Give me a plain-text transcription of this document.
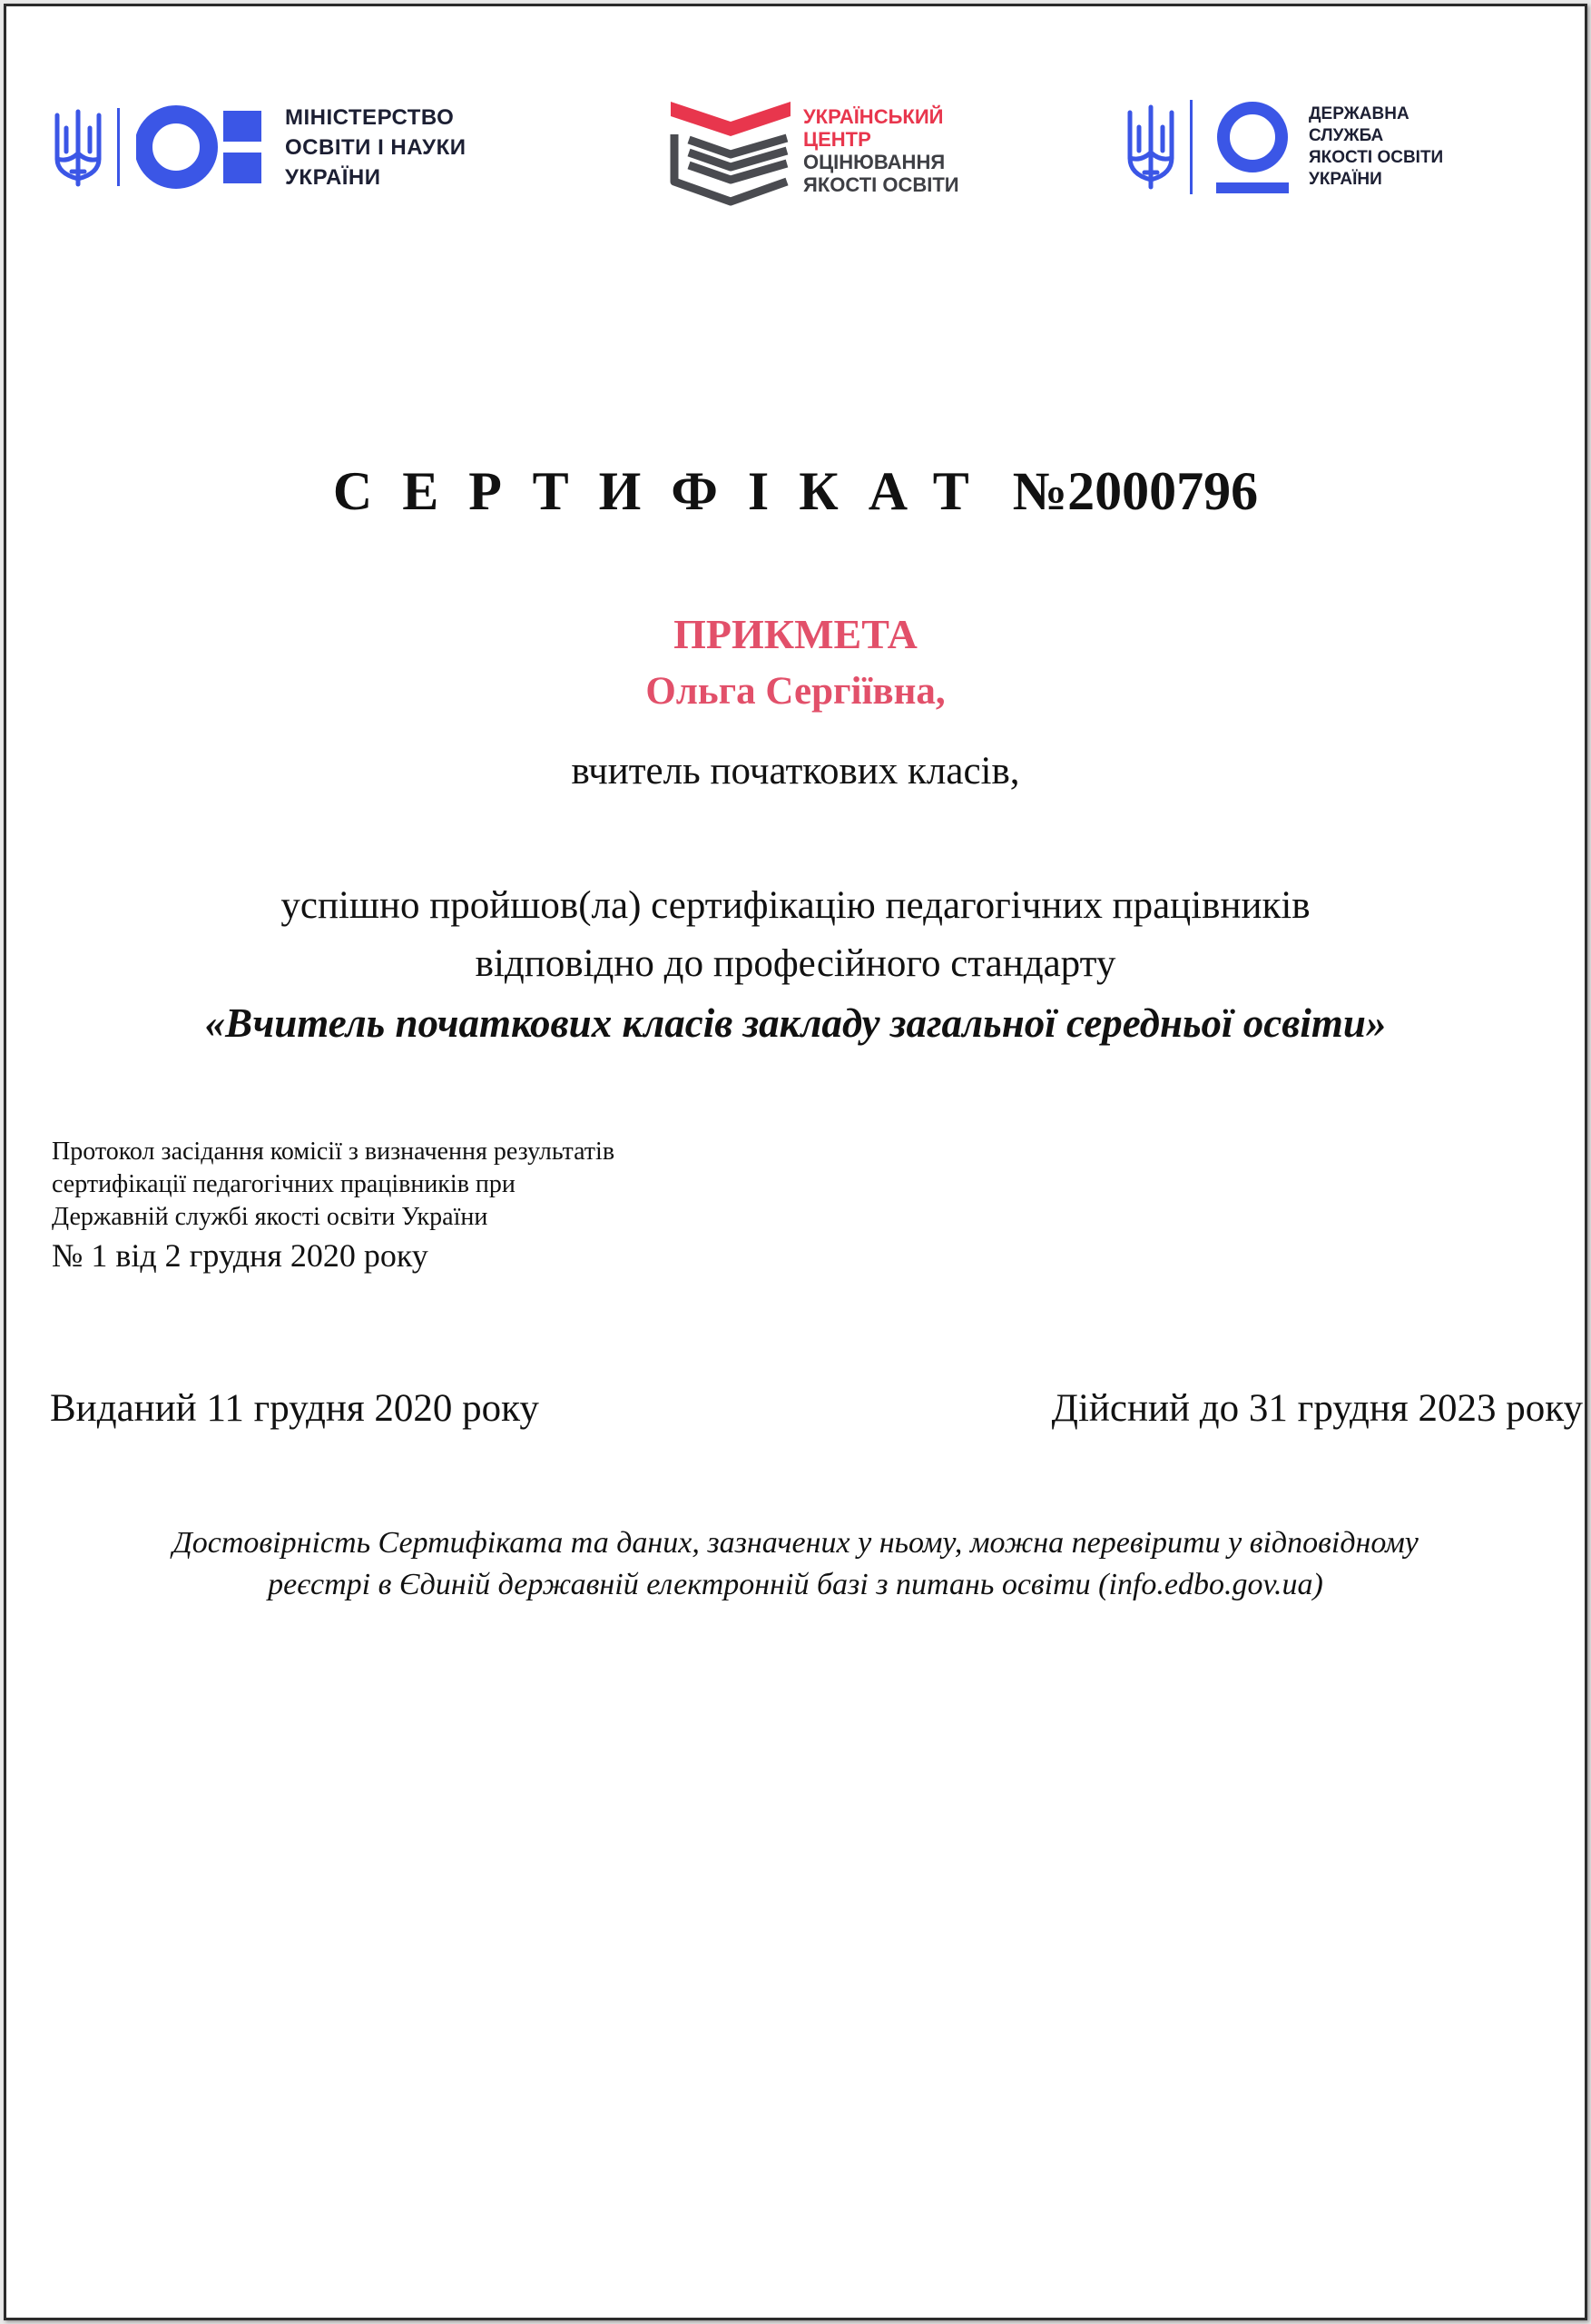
МІНІСТЕРСТВО
ОСВІТИ І НАУКИ
УКРАЇНИ
УКРАЇНСЬКИЙ
ЦЕНТР
ОЦІНЮВАННЯ
ЯКОСТІ ОСВІТИ
ДЕРЖАВНА
СЛУЖБА
ЯКОСТІ ОСВІТИ
УКРАЇНИ
СЕРТИФІКАТ №2000796
ПРИКМЕТА
Ольга Сергіївна,
вчитель початкових класів,
успішно пройшов(ла) сертифікацію педагогічних працівників
відповідно до професійного стандарту
«Вчитель початкових класів закладу загальної середньої освіти»
Протокол засідання комісії з визначення результатів
сертифікації педагогічних працівників при
Державній службі якості освіти України
№ 1 від 2 грудня 2020 року
Виданий 11 грудня 2020 року	Дійсний до 31 грудня 2023 року
Достовірність Сертифіката та даних, зазначених у ньому, можна перевірити у відповідному
реєстрі в Єдиній державній електронній базі з питань освіти (info.edbo.gov.ua)
